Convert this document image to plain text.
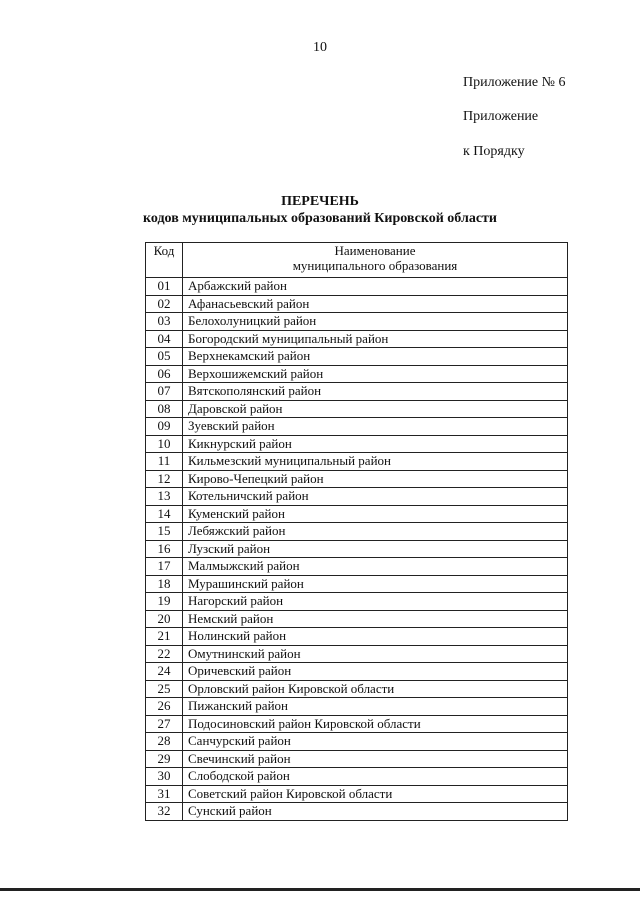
10
Приложение № 6
Приложение
к Порядку
ПЕРЕЧЕНЬ
кодов муниципальных образований Кировской области
Код	Наименование
муниципального образования

01	Арбажский район
02	Афанасьевский район
03	Белохолуницкий район
04	Богородский муниципальный район
05	Верхнекамский район
06	Верхошижемский район
07	Вятскополянский район
08	Даровской район
09	Зуевский район
10	Кикнурский район
11	Кильмезский муниципальный район
12	Кирово-Чепецкий район
13	Котельничский район
14	Куменский район
15	Лебяжский район
16	Лузский район
17	Малмыжский район
18	Мурашинский район
19	Нагорский район
20	Немский район
21	Нолинский район
22	Омутнинский район
24	Оричевский район
25	Орловский район Кировской области
26	Пижанский район
27	Подосиновский район Кировской области
28	Санчурский район
29	Свечинский район
30	Слободской район
31	Советский район Кировской области
32	Сунский район
